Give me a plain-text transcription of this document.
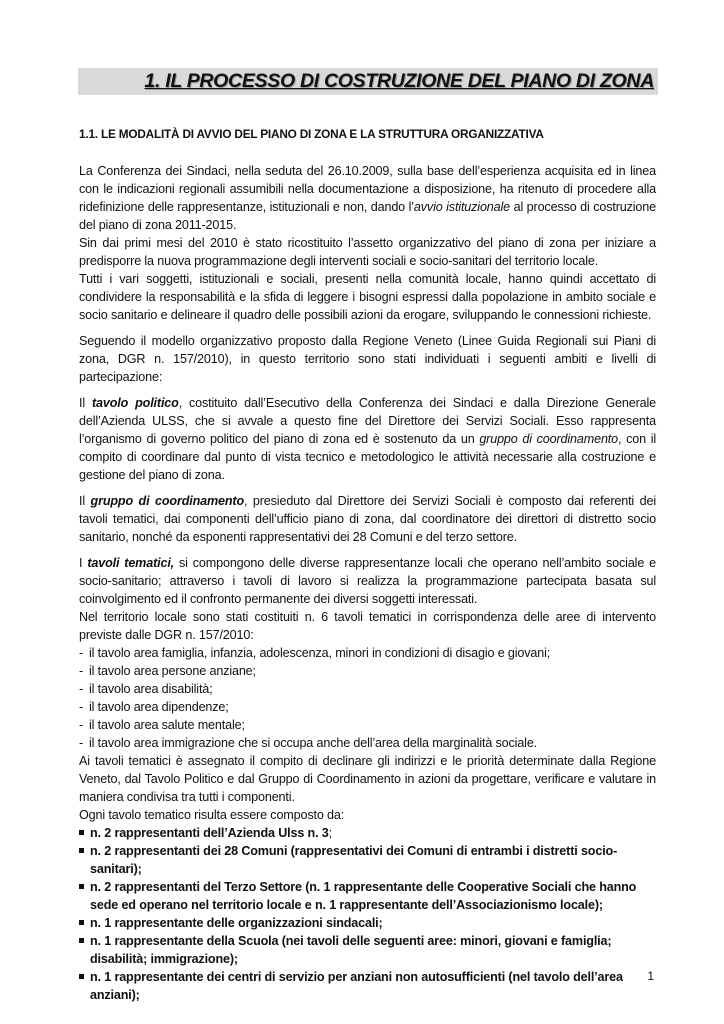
1. IL PROCESSO DI COSTRUZIONE DEL PIANO DI ZONA
1.1. LE MODALITÀ DI AVVIO DEL PIANO DI ZONA E LA STRUTTURA ORGANIZZATIVA

La Conferenza dei Sindaci, nella seduta del 26.10.2009, sulla base dell’esperienza acquisita ed in linea con le indicazioni regionali assumibili nella documentazione a disposizione, ha ritenuto di procedere alla ridefinizione delle rappresentanze, istituzionali e non, dando l’avvio istituzionale al processo di costruzione del piano di zona 2011-2015.

Sin dai primi mesi del 2010 è stato ricostituito l’assetto organizzativo del piano di zona per iniziare a predisporre la nuova programmazione degli interventi sociali e socio-sanitari del territorio locale.

Tutti i vari soggetti, istituzionali e sociali, presenti nella comunità locale, hanno quindi accettato di condividere la responsabilità e la sfida di leggere i bisogni espressi dalla popolazione in ambito sociale e socio sanitario e delineare il quadro delle possibili azioni da erogare, sviluppando le connessioni richieste.

Seguendo il modello organizzativo proposto dalla Regione Veneto (Linee Guida Regionali sui Piani di zona, DGR n. 157/2010), in questo territorio sono stati individuati i seguenti ambiti e livelli di partecipazione:

Il tavolo politico, costituito dall’Esecutivo della Conferenza dei Sindaci e dalla Direzione Generale dell’Azienda ULSS, che si avvale a questo fine del Direttore dei Servizi Sociali. Esso rappresenta l’organismo di governo politico del piano di zona ed è sostenuto da un gruppo di coordinamento, con il compito di coordinare dal punto di vista tecnico e metodologico le attività necessarie alla costruzione e gestione del piano di zona.

Il gruppo di coordinamento, presieduto dal Direttore dei Servizi Sociali è composto dai referenti dei tavoli tematici, dai componenti dell’ufficio piano di zona, dal coordinatore dei direttori di distretto socio sanitario, nonché da esponenti rappresentativi dei 28 Comuni e del terzo settore.

I tavoli tematici, si compongono delle diverse rappresentanze locali che operano nell’ambito sociale e socio-sanitario; attraverso i tavoli di lavoro si realizza la programmazione partecipata basata sul coinvolgimento ed il confronto permanente dei diversi soggetti interessati.

Nel territorio locale sono stati costituiti n. 6 tavoli tematici in corrispondenza delle aree di intervento previste dalle DGR n. 157/2010:

- il tavolo area famiglia, infanzia, adolescenza, minori in condizioni di disagio e giovani;
- il tavolo area persone anziane;
- il tavolo area disabilità;
- il tavolo area dipendenze;
- il tavolo area salute mentale;
- il tavolo area immigrazione che si occupa anche dell’area della marginalità sociale.

Ai tavoli tematici è assegnato il compito di declinare gli indirizzi e le priorità determinate dalla Regione Veneto, dal Tavolo Politico e dal Gruppo di Coordinamento in azioni da progettare, verificare e valutare in maniera condivisa tra tutti i componenti.

Ogni tavolo tematico risulta essere composto da:

n. 2 rappresentanti dell’Azienda Ulss n. 3;
n. 2 rappresentanti dei 28 Comuni (rappresentativi dei Comuni di entrambi i distretti socio-sanitari);
n. 2 rappresentanti del Terzo Settore (n. 1 rappresentante delle Cooperative Sociali che hanno sede ed operano nel territorio locale e n. 1 rappresentante dell’Associazionismo locale);
n. 1 rappresentante delle organizzazioni sindacali;
n. 1 rappresentante della Scuola (nei tavoli delle seguenti aree: minori, giovani e famiglia; disabilità; immigrazione);
n. 1 rappresentante dei centri di servizio per anziani non autosufficienti (nel tavolo dell’area anziani);
1
